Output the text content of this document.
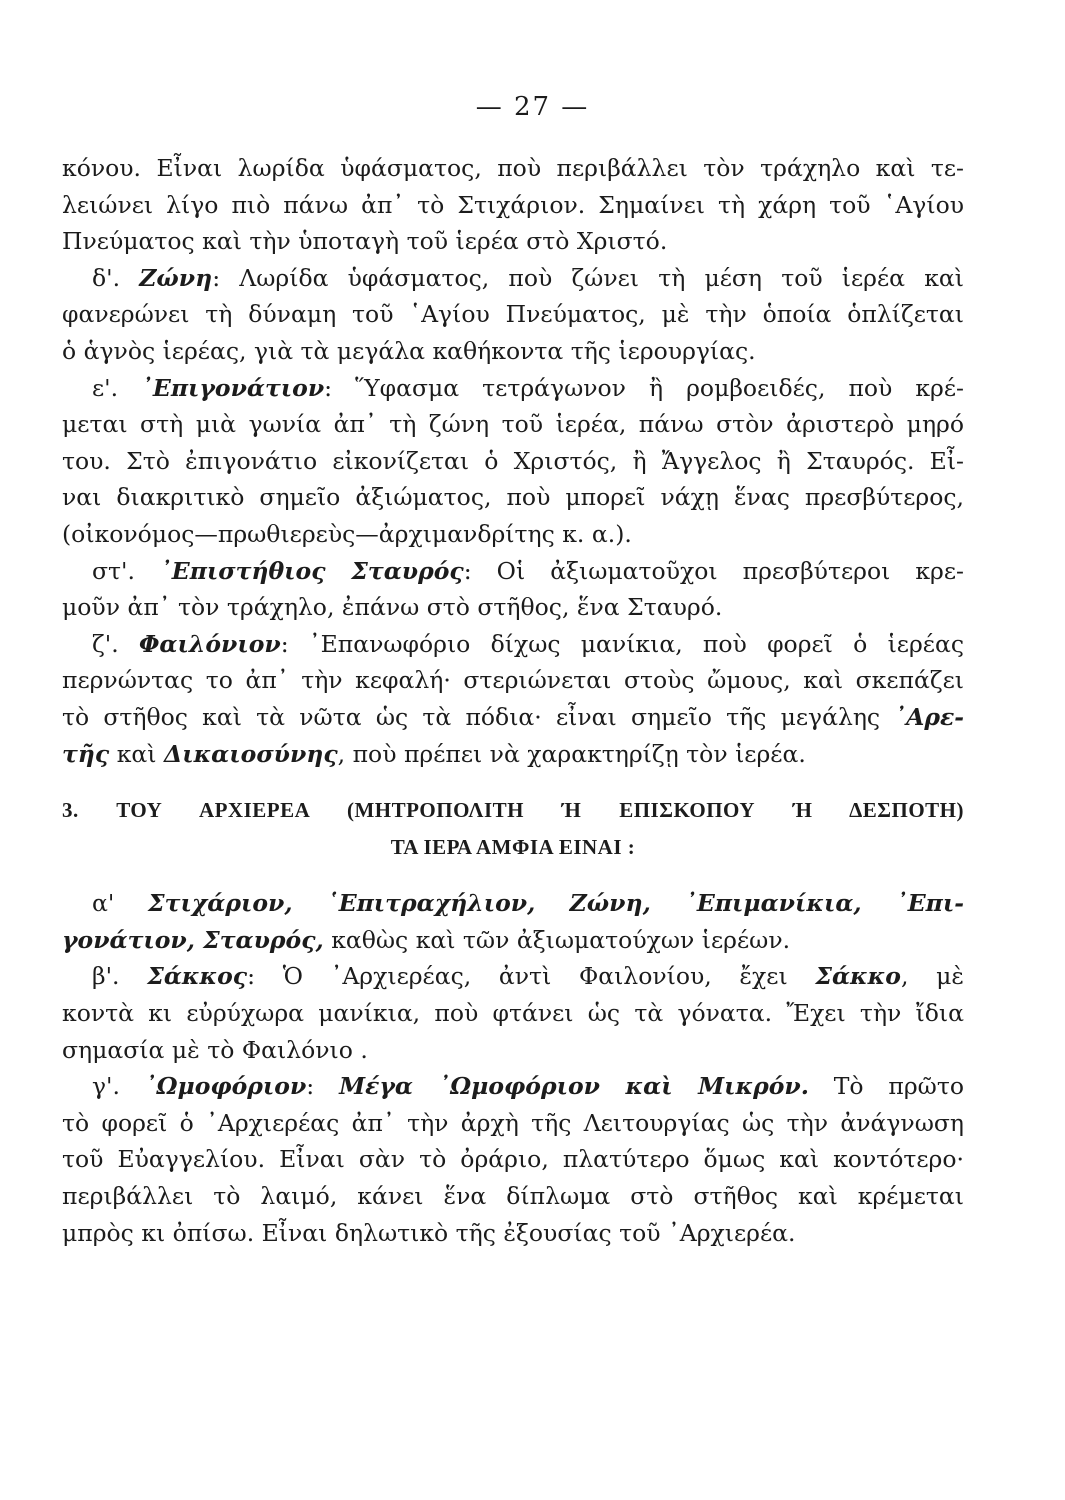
— 27 —
κόνου. Εἶναι λωρίδα ὑφάσματος, ποὺ περιβάλλει τὸν τράχηλο καὶ τε-
λειώνει λίγο πιὸ πάνω ἀπ᾿ τὸ Στιχάριον. Σημαίνει τὴ χάρη τοῦ ῾Αγίου
Πνεύματος καὶ τὴν ὑποταγὴ τοῦ ἱερέα στὸ Χριστό.
δ'. Ζώνη: Λωρίδα ὑφάσματος, ποὺ ζώνει τὴ μέση τοῦ ἱερέα καὶ
φανερώνει τὴ δύναμη τοῦ ῾Αγίου Πνεύματος, μὲ τὴν ὁποία ὁπλίζεται
ὁ ἁγνὸς ἱερέας, γιὰ τὰ μεγάλα καθήκοντα τῆς ἱερουργίας.
ε'. ᾿Επιγονάτιον: Ὕφασμα τετράγωνον ἢ ρομβοειδές, ποὺ κρέ-
μεται στὴ μιὰ γωνία ἀπ᾿ τὴ ζώνη τοῦ ἱερέα, πάνω στὸν ἀριστερὸ μηρό
του. Στὸ ἐπιγονάτιο εἰκονίζεται ὁ Χριστός, ἢ Ἄγγελος ἢ Σταυρός. Εἶ-
ναι διακριτικὸ σημεῖο ἀξιώματος, ποὺ μπορεῖ νάχῃ ἕνας πρεσβύτερος,
(οἰκονόμος—πρωθιερεὺς—ἀρχιμανδρίτης κ. α.).
στ'. ᾿Επιστήθιος Σταυρός: Οἱ ἀξιωματοῦχοι πρεσβύτεροι κρε-
μοῦν ἀπ᾿ τὸν τράχηλο, ἐπάνω στὸ στῆθος, ἕνα Σταυρό.
ζ'. Φαιλόνιον: ᾿Επανωφόριο δίχως μανίκια, ποὺ φορεῖ ὁ ἱερέας
περνώντας το ἀπ᾿ τὴν κεφαλή· στεριώνεται στοὺς ὤμους, καὶ σκεπάζει
τὸ στῆθος καὶ τὰ νῶτα ὡς τὰ πόδια· εἶναι σημεῖο τῆς μεγάλης ᾿Αρε-
τῆς καὶ Δικαιοσύνης, ποὺ πρέπει νὰ χαρακτηρίζῃ τὸν ἱερέα.
3. ΤΟΥ ΑΡΧΙΕΡΕΑ (ΜΗΤΡΟΠΟΛΙΤΗ Ή ΕΠΙΣΚΟΠΟΥ Ή ΔΕΣΠΟΤΗ)
ΤΑ ΙΕΡΑ ΑΜΦΙΑ ΕΙΝΑΙ :
α' Στιχάριον, ῾Επιτραχήλιον, Ζώνη, ᾿Επιμανίκια, ᾿Επι-
γονάτιον, Σταυρός, καθὼς καὶ τῶν ἀξιωματούχων ἱερέων.
β'. Σάκκος: Ὁ ᾿Αρχιερέας, ἀντὶ Φαιλονίου, ἔχει Σάκκο, μὲ
κοντὰ κι εὐρύχωρα μανίκια, ποὺ φτάνει ὡς τὰ γόνατα. Ἔχει τὴν ἴδια
σημασία μὲ τὸ Φαιλόνιο .
γ'. ᾿Ωμοφόριον: Μέγα ᾿Ωμοφόριον καὶ Μικρόν. Τὸ πρῶτο
τὸ φορεῖ ὁ ᾿Αρχιερέας ἀπ᾿ τὴν ἀρχὴ τῆς Λειτουργίας ὡς τὴν ἀνάγνωση
τοῦ Εὐαγγελίου. Εἶναι σὰν τὸ ὀράριο, πλατύτερο ὅμως καὶ κοντότερο·
περιβάλλει τὸ λαιμό, κάνει ἕνα δίπλωμα στὸ στῆθος καὶ κρέμεται
μπρὸς κι ὀπίσω. Εἶναι δηλωτικὸ τῆς ἐξουσίας τοῦ ᾿Αρχιερέα.
